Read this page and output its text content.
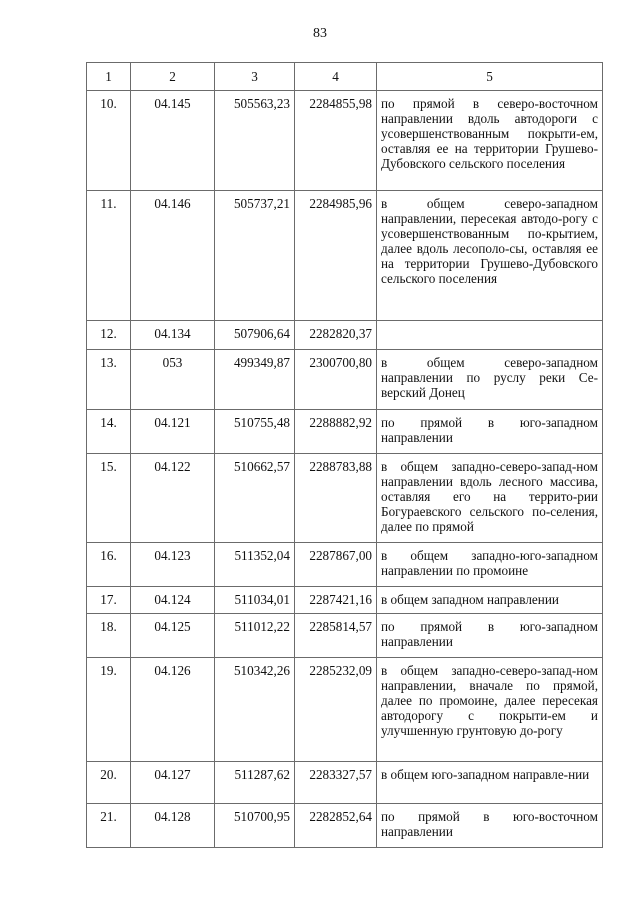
83
1	2	3	4	5
10.	04.145	505563,23	2284855,98	по прямой в северо-восточном направлении вдоль автодороги с усовершенствованным покрыти-ем, оставляя ее на территории Грушево-Дубовского сельского поселения
11.	04.146	505737,21	2284985,96	в общем северо-западном направлении, пересекая автодо-рогу с усовершенствованным по-крытием, далее вдоль лесополо-сы, оставляя ее на территории Грушево-Дубовского сельского поселения
12.	04.134	507906,64	2282820,37	
13.	053	499349,87	2300700,80	в общем северо-западном направлении по руслу реки Се-верский Донец
14.	04.121	510755,48	2288882,92	по прямой в юго-западном направлении
15.	04.122	510662,57	2288783,88	в общем западно-северо-запад-ном направлении вдоль лесного массива, оставляя его на террито-рии Богураевского сельского по-селения, далее по прямой
16.	04.123	511352,04	2287867,00	в общем западно-юго-западном направлении по промоине
17.	04.124	511034,01	2287421,16	в общем западном направлении
18.	04.125	511012,22	2285814,57	по прямой в юго-западном направлении
19.	04.126	510342,26	2285232,09	в общем западно-северо-запад-ном направлении, вначале по прямой, далее по промоине, далее пересекая автодорогу с покрыти-ем и улучшенную грунтовую до-рогу
20.	04.127	511287,62	2283327,57	в общем юго-западном направле-нии
21.	04.128	510700,95	2282852,64	по прямой в юго-восточном направлении
